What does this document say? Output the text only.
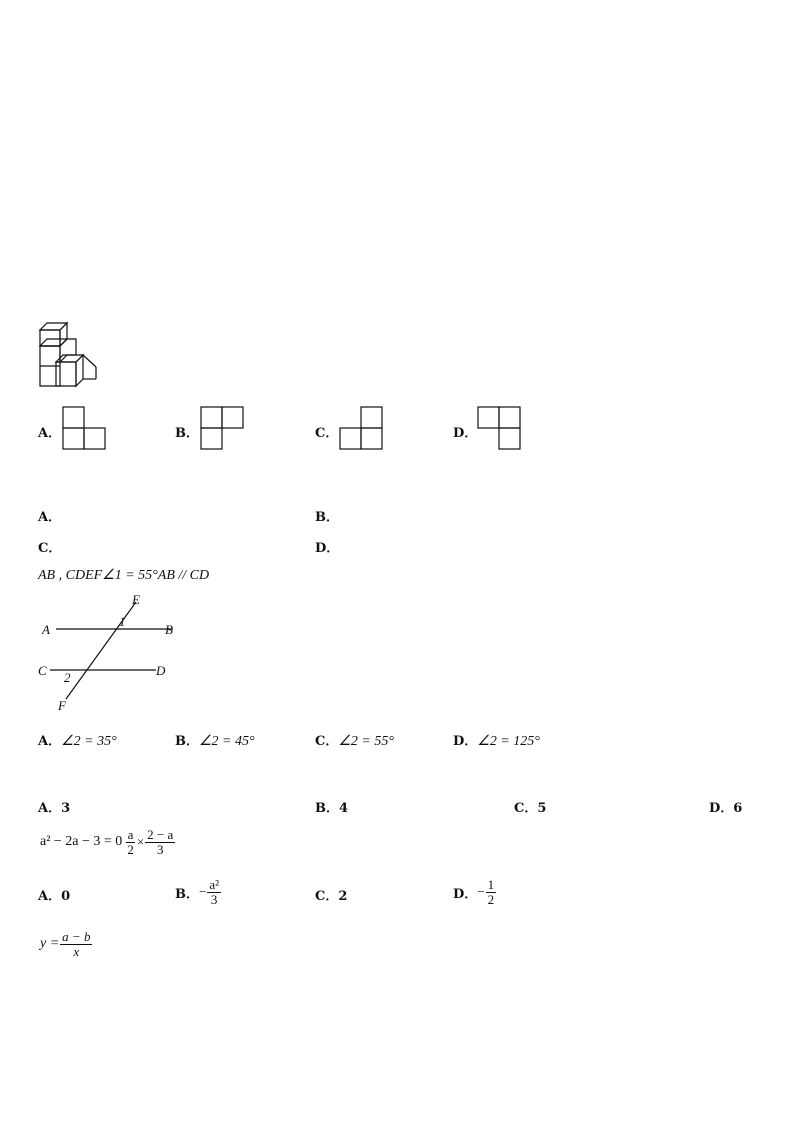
A．	B．	C．	D．
A．	B．
C．	D．
AB , CDEF∠1 = 55°AB // CD
E
A	B
C	D
F
1
2
A．∠2 = 35°	B．∠2 = 45°	C．∠2 = 55°	D．∠2 = 125°
A．3	B．4	C．5	D．6
$a^2 - 2a - 3 = 0 \frac{a}{2} \times \frac{2 - a}{3}$
A．0	B． − $\frac{\text{a²}}{3}$	C．2	D． − $\frac{1}{2}$
$y = \frac{a - b}{x}$
